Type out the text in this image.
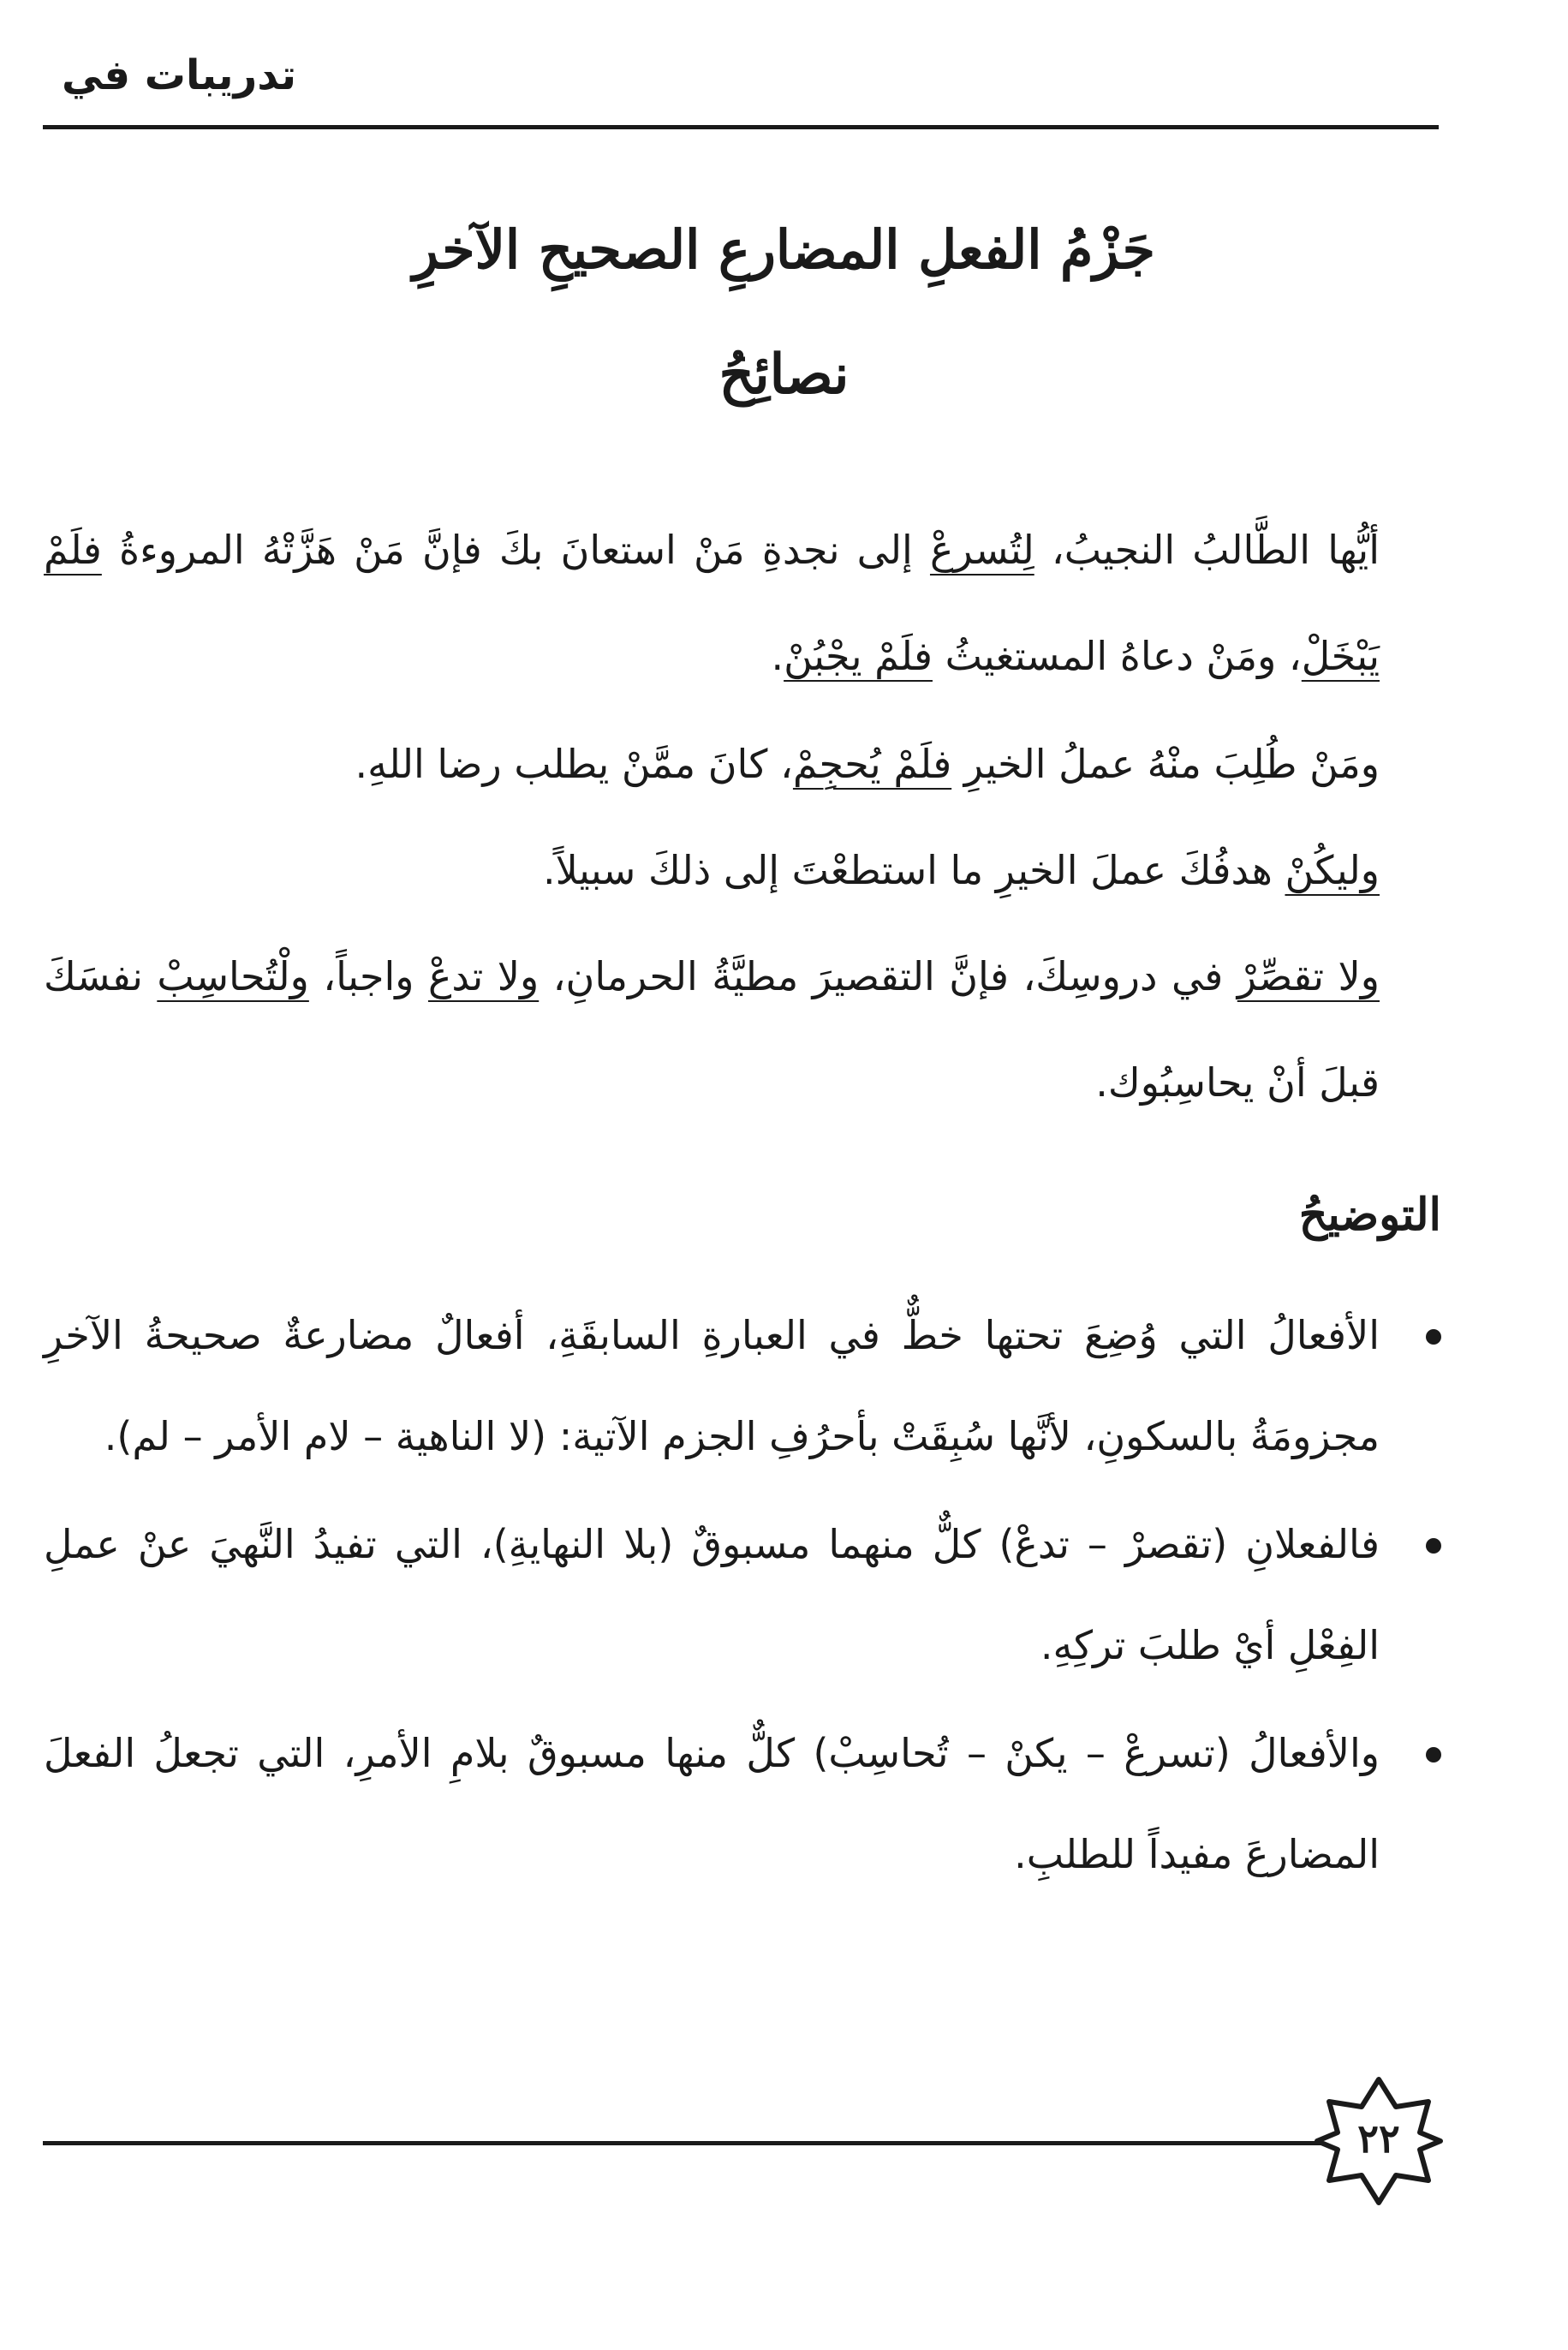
تدريبات في
جَزْمُ الفعلِ المضارعِ الصحيحِ الآخرِ
نصائِحُ

أيُّها الطَّالبُ النجيبُ، لِتُسرعْ إلى نجدةِ مَنْ استعانَ بكَ فإنَّ مَنْ هَزَّتْهُ المروءةُ فلَمْ يَبْخَلْ، ومَنْ دعاهُ المستغيثُ فلَمْ يجْبُنْ.

ومَنْ طُلِبَ منْهُ عملُ الخيرِ فلَمْ يُحجِمْ، كانَ ممَّنْ يطلب رضا اللهِ.

وليكُنْ هدفُكَ عملَ الخيرِ ما استطعْتَ إلى ذلكَ سبيلاً.

ولا تقصِّرْ في دروسِكَ، فإنَّ التقصيرَ مطيَّةُ الحرمانِ، ولا تدعْ واجباً، ولْتُحاسِبْ نفسَكَ قبلَ أنْ يحاسِبُوك.

التوضيحُ
الأفعالُ التي وُضِعَ تحتها خطٌّ في العبارةِ السابقَةِ، أفعالٌ مضارعةٌ صحيحةُ الآخرِ مجزومَةُ بالسكونِ، لأنَّها سُبِقَتْ بأحرُفِ الجزم الآتية: (لا الناهية – لام الأمر – لم).
فالفعلانِ (تقصرْ – تدعْ) كلٌّ منهما مسبوقٌ (بلا النهايةِ)، التي تفيدُ النَّهيَ عنْ عملِ الفِعْلِ أيْ طلبَ تركِهِ.
والأفعالُ (تسرعْ – يكنْ – تُحاسِبْ) كلٌّ منها مسبوقٌ بلامِ الأمرِ، التي تجعلُ الفعلَ المضارعَ مفيداً للطلبِ.
٢٢
